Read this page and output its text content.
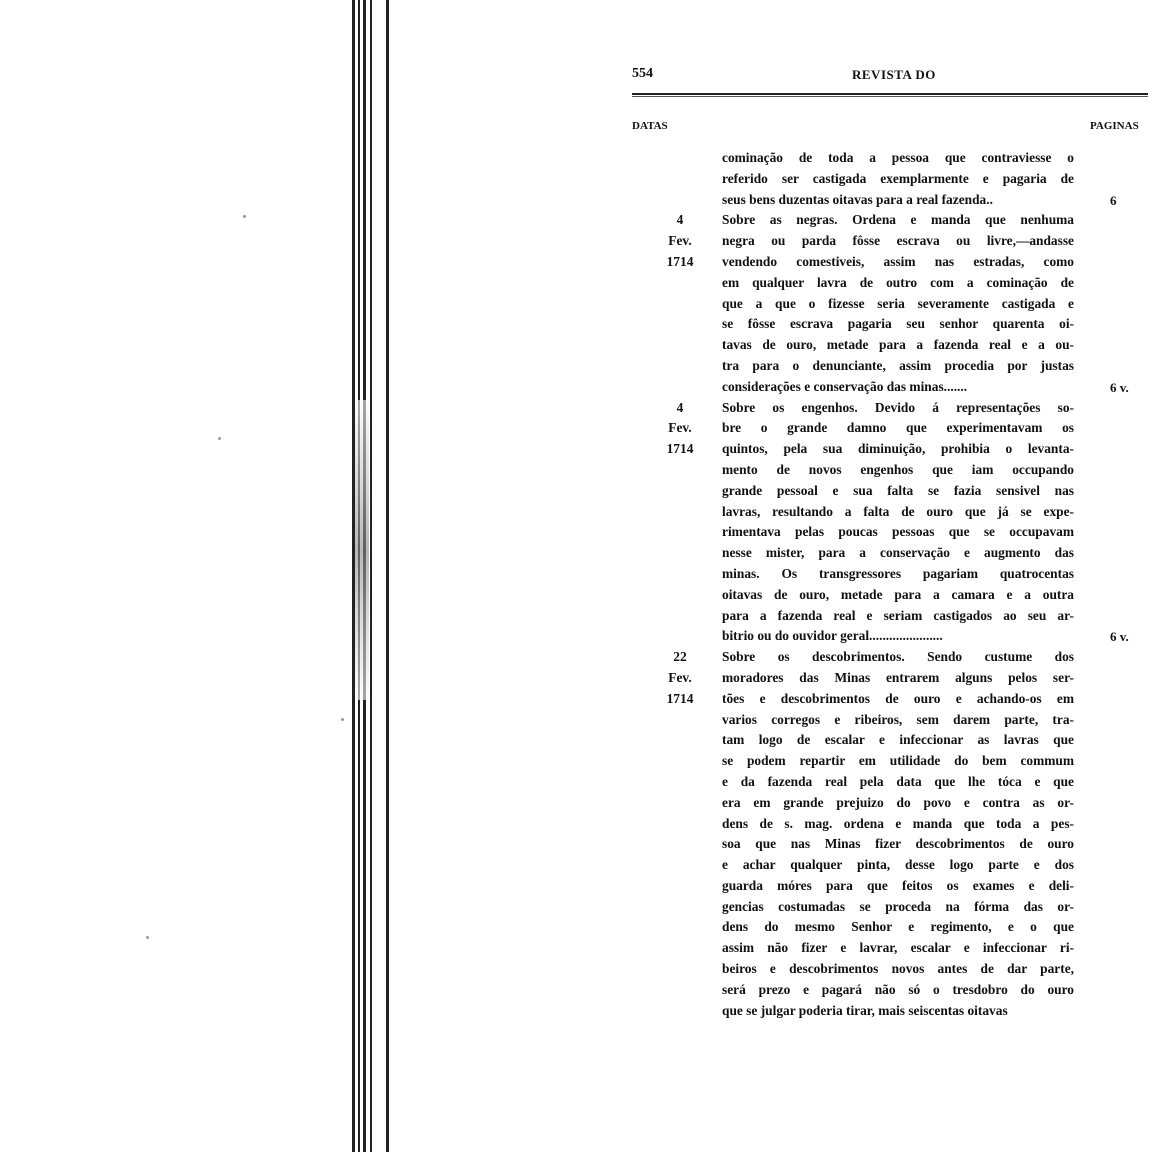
554	REVISTA DO
DATAS	PAGINAS
cominação de toda a pessoa que contraviesse o
referido ser castigada exemplarmente e pagaria de
seus bens duzentas oitavas para a real fazenda..
Sobre as negras. Ordena e manda que nenhuma
negra ou parda fôsse escrava ou livre,—andasse
vendendo comestiveis, assim nas estradas, como
em qualquer lavra de outro com a cominação de
que a que o fizesse seria severamente castigada e
se fôsse escrava pagaria seu senhor quarenta oi-
tavas de ouro, metade para a fazenda real e a ou-
tra para o denunciante, assim procedia por justas
considerações e conservação das minas.......
Sobre os engenhos. Devido á representações so-
bre o grande damno que experimentavam os
quintos, pela sua diminuição, prohibia o levanta-
mento de novos engenhos que iam occupando
grande pessoal e sua falta se fazia sensivel nas
lavras, resultando a falta de ouro que já se expe-
rimentava pelas poucas pessoas que se occupavam
nesse mister, para a conservação e augmento das
minas. Os transgressores pagariam quatrocentas
oitavas de ouro, metade para a camara e a outra
para a fazenda real e seriam castigados ao seu ar-
bitrio ou do ouvidor geral......................
Sobre os descobrimentos. Sendo custume dos
moradores das Minas entrarem alguns pelos ser-
tões e descobrimentos de ouro e achando-os em
varios corregos e ribeiros, sem darem parte, tra-
tam logo de escalar e infeccionar as lavras que
se podem repartir em utilidade do bem commum
e da fazenda real pela data que lhe tóca e que
era em grande prejuizo do povo e contra as or-
dens de s. mag. ordena e manda que toda a pes-
soa que nas Minas fizer descobrimentos de ouro
e achar qualquer pinta, desse logo parte e dos
guarda móres para que feitos os exames e deli-
gencias costumadas se proceda na fórma das or-
dens do mesmo Senhor e regimento, e o que
assim não fizer e lavrar, escalar e infeccionar ri-
beiros e descobrimentos novos antes de dar parte,
será prezo e pagará não só o tresdobro do ouro
que se julgar poderia tirar, mais seiscentas oitavas
6
4
Fev.
1714
6 v.
4
Fev.
1714
6 v.
22
Fev.
1714
